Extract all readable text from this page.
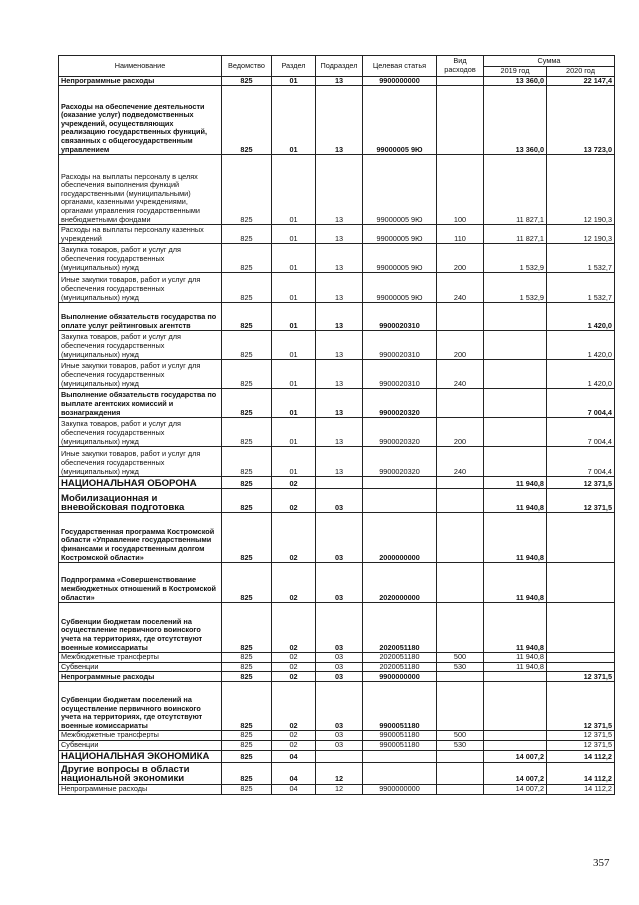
Наименование	Ведомство	Раздел	Подраздел	Целевая статья	Вид расходов	Сумма	
						2019 год	2020 год
Непрограммные расходы	825	01	13	9900000000		13 360,0	22 147,4
Расходы на обеспечение деятельности (оказание услуг) подведомственных учреждений, осуществляющих реализацию государственных функций, связанных с общегосударственным управлением	825	01	13	99000005 9Ю		13 360,0	13 723,0
Расходы на выплаты персоналу в целях обеспечения выполнения функций государственными (муниципальными) органами, казенными учреждениями, органами управления государственными внебюджетными фондами	825	01	13	99000005 9Ю	100	11 827,1	12 190,3
Расходы на выплаты персоналу казенных учреждений	825	01	13	99000005 9Ю	110	11 827,1	12 190,3
Закупка товаров, работ и услуг для обеспечения государственных (муниципальных) нужд	825	01	13	99000005 9Ю	200	1 532,9	1 532,7
Иные закупки товаров, работ и услуг для обеспечения государственных (муниципальных) нужд	825	01	13	99000005 9Ю	240	1 532,9	1 532,7
Выполнение обязательств государства по оплате услуг рейтинговых агентств	825	01	13	9900020310			1 420,0
Закупка товаров, работ и услуг для обеспечения государственных (муниципальных) нужд	825	01	13	9900020310	200		1 420,0
Иные закупки товаров, работ и услуг для обеспечения государственных (муниципальных) нужд	825	01	13	9900020310	240		1 420,0
Выполнение обязательств государства по выплате агентских комиссий и вознаграждения	825	01	13	9900020320			7 004,4
Закупка товаров, работ и услуг для обеспечения государственных (муниципальных) нужд	825	01	13	9900020320	200		7 004,4
Иные закупки товаров, работ и услуг для обеспечения государственных (муниципальных) нужд	825	01	13	9900020320	240		7 004,4
НАЦИОНАЛЬНАЯ ОБОРОНА	825	02				11 940,8	12 371,5
Мобилизационная и вневойсковая подготовка	825	02	03			11 940,8	12 371,5
Государственная программа Костромской области «Управление государственными финансами и государственным долгом Костромской области»	825	02	03	2000000000		11 940,8	
Подпрограмма «Совершенствование межбюджетных отношений в Костромской области»	825	02	03	2020000000		11 940,8	
Субвенции бюджетам поселений на осуществление первичного воинского учета на территориях, где отсутствуют военные комиссариаты	825	02	03	2020051180		11 940,8	
Межбюджетные трансферты	825	02	03	2020051180	500	11 940,8	
Субвенции	825	02	03	2020051180	530	11 940,8	
Непрограммные расходы	825	02	03	9900000000			12 371,5
Субвенции бюджетам поселений на осуществление первичного воинского учета на территориях, где отсутствуют военные комиссариаты	825	02	03	9900051180			12 371,5
Межбюджетные трансферты	825	02	03	9900051180	500		12 371,5
Субвенции	825	02	03	9900051180	530		12 371,5
НАЦИОНАЛЬНАЯ ЭКОНОМИКА	825	04				14 007,2	14 112,2
Другие вопросы в области национальной экономики	825	04	12			14 007,2	14 112,2
Непрограммные расходы	825	04	12	9900000000		14 007,2	14 112,2
357
